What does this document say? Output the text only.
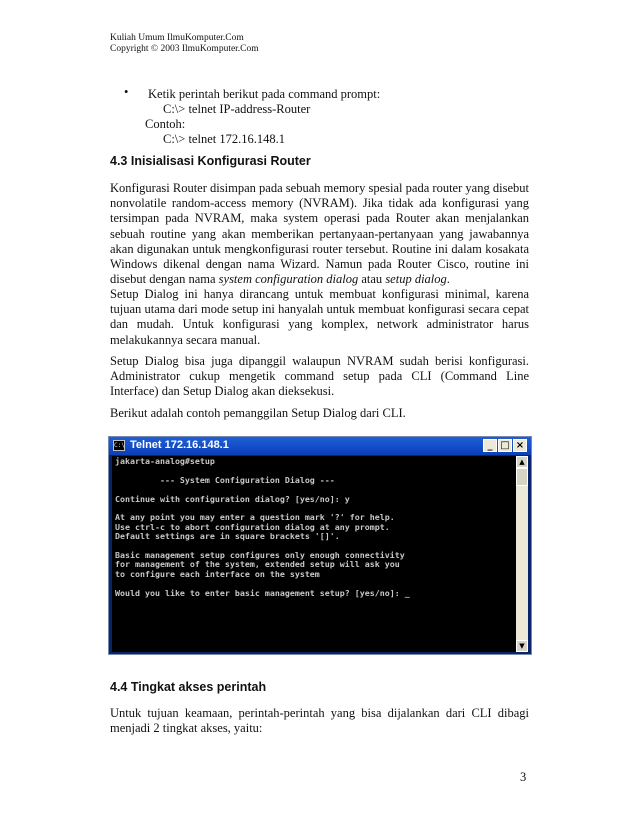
Kuliah Umum IlmuKomputer.Com
Copyright © 2003 IlmuKomputer.Com
• Ketik perintah berikut pada command prompt:
C:\> telnet IP-address-Router
Contoh:
C:\> telnet 172.16.148.1
4.3 Inisialisasi Konfigurasi Router

Konfigurasi Router disimpan pada sebuah memory spesial pada router yang disebut nonvolatile random-access memory (NVRAM). Jika tidak ada konfigurasi yang tersimpan pada NVRAM, maka system operasi pada Router akan menjalankan sebuah routine yang akan memberikan pertanyaan-pertanyaan yang jawabannya akan digunakan untuk mengkonfigurasi router tersebut. Routine ini dalam kosakata Windows dikenal dengan nama Wizard. Namun pada Router Cisco, routine ini disebut dengan nama system configuration dialog atau setup dialog.

Setup Dialog ini hanya dirancang untuk membuat konfigurasi minimal, karena tujuan utama dari mode setup ini hanyalah untuk membuat konfigurasi secara cepat dan mudah. Untuk konfigurasi yang komplex, network administrator harus melakukannya secara manual.

Setup Dialog bisa juga dipanggil walaupun NVRAM sudah berisi konfigurasi. Administrator cukup mengetik command setup pada CLI (Command Line Interface) dan Setup Dialog akan dieksekusi.

Berikut adalah contoh pemanggilan Setup Dialog dari CLI.

C:\ Telnet 172.16.148.1	_ □ ×
jakarta-analog#setup

--- System Configuration Dialog ---

Continue with configuration dialog? [yes/no]: y

At any point you may enter a question mark '?' for help.
Use ctrl-c to abort configuration dialog at any prompt.
Default settings are in square brackets '[]'.

Basic management setup configures only enough connectivity
for management of the system, extended setup will ask you
to configure each interface on the system

Would you like to enter basic management setup? [yes/no]: _
▲
▼
4.4 Tingkat akses perintah

Untuk tujuan keamaan, perintah-perintah yang bisa dijalankan dari CLI dibagi menjadi 2 tingkat akses, yaitu:

3
